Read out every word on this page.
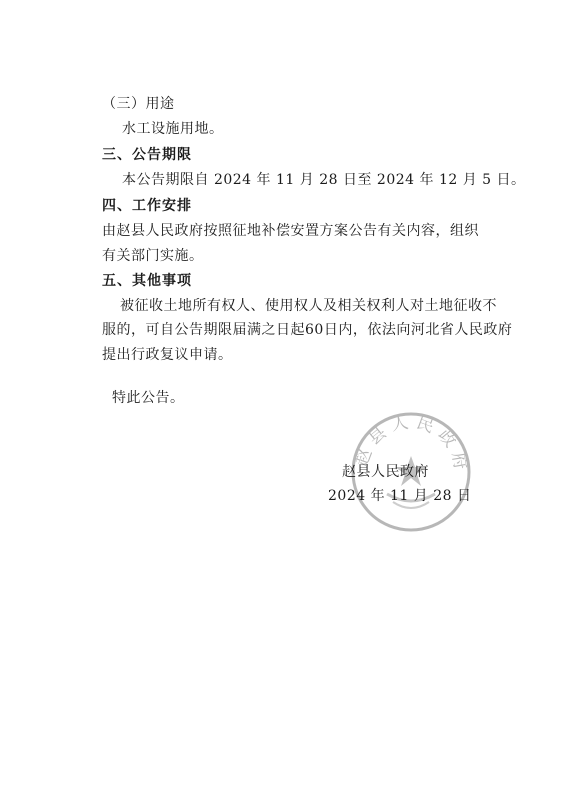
（三）用途
水工设施用地。
三、公告期限
本公告期限自 2024 年 11 月 28 日至 2024 年 12 月 5 日。
四、工作安排
由赵县人民政府按照征地补偿安置方案公告有关内容，组织
有关部门实施。
五、其他事项
被征收土地所有权人、使用权人及相关权利人对土地征收不
服的，可自公告期限届满之日起60日内，依法向河北省人民政府
提出行政复议申请。
特此公告。
赵县人民政府
赵县人民政府
2024 年 11 月 28 日
